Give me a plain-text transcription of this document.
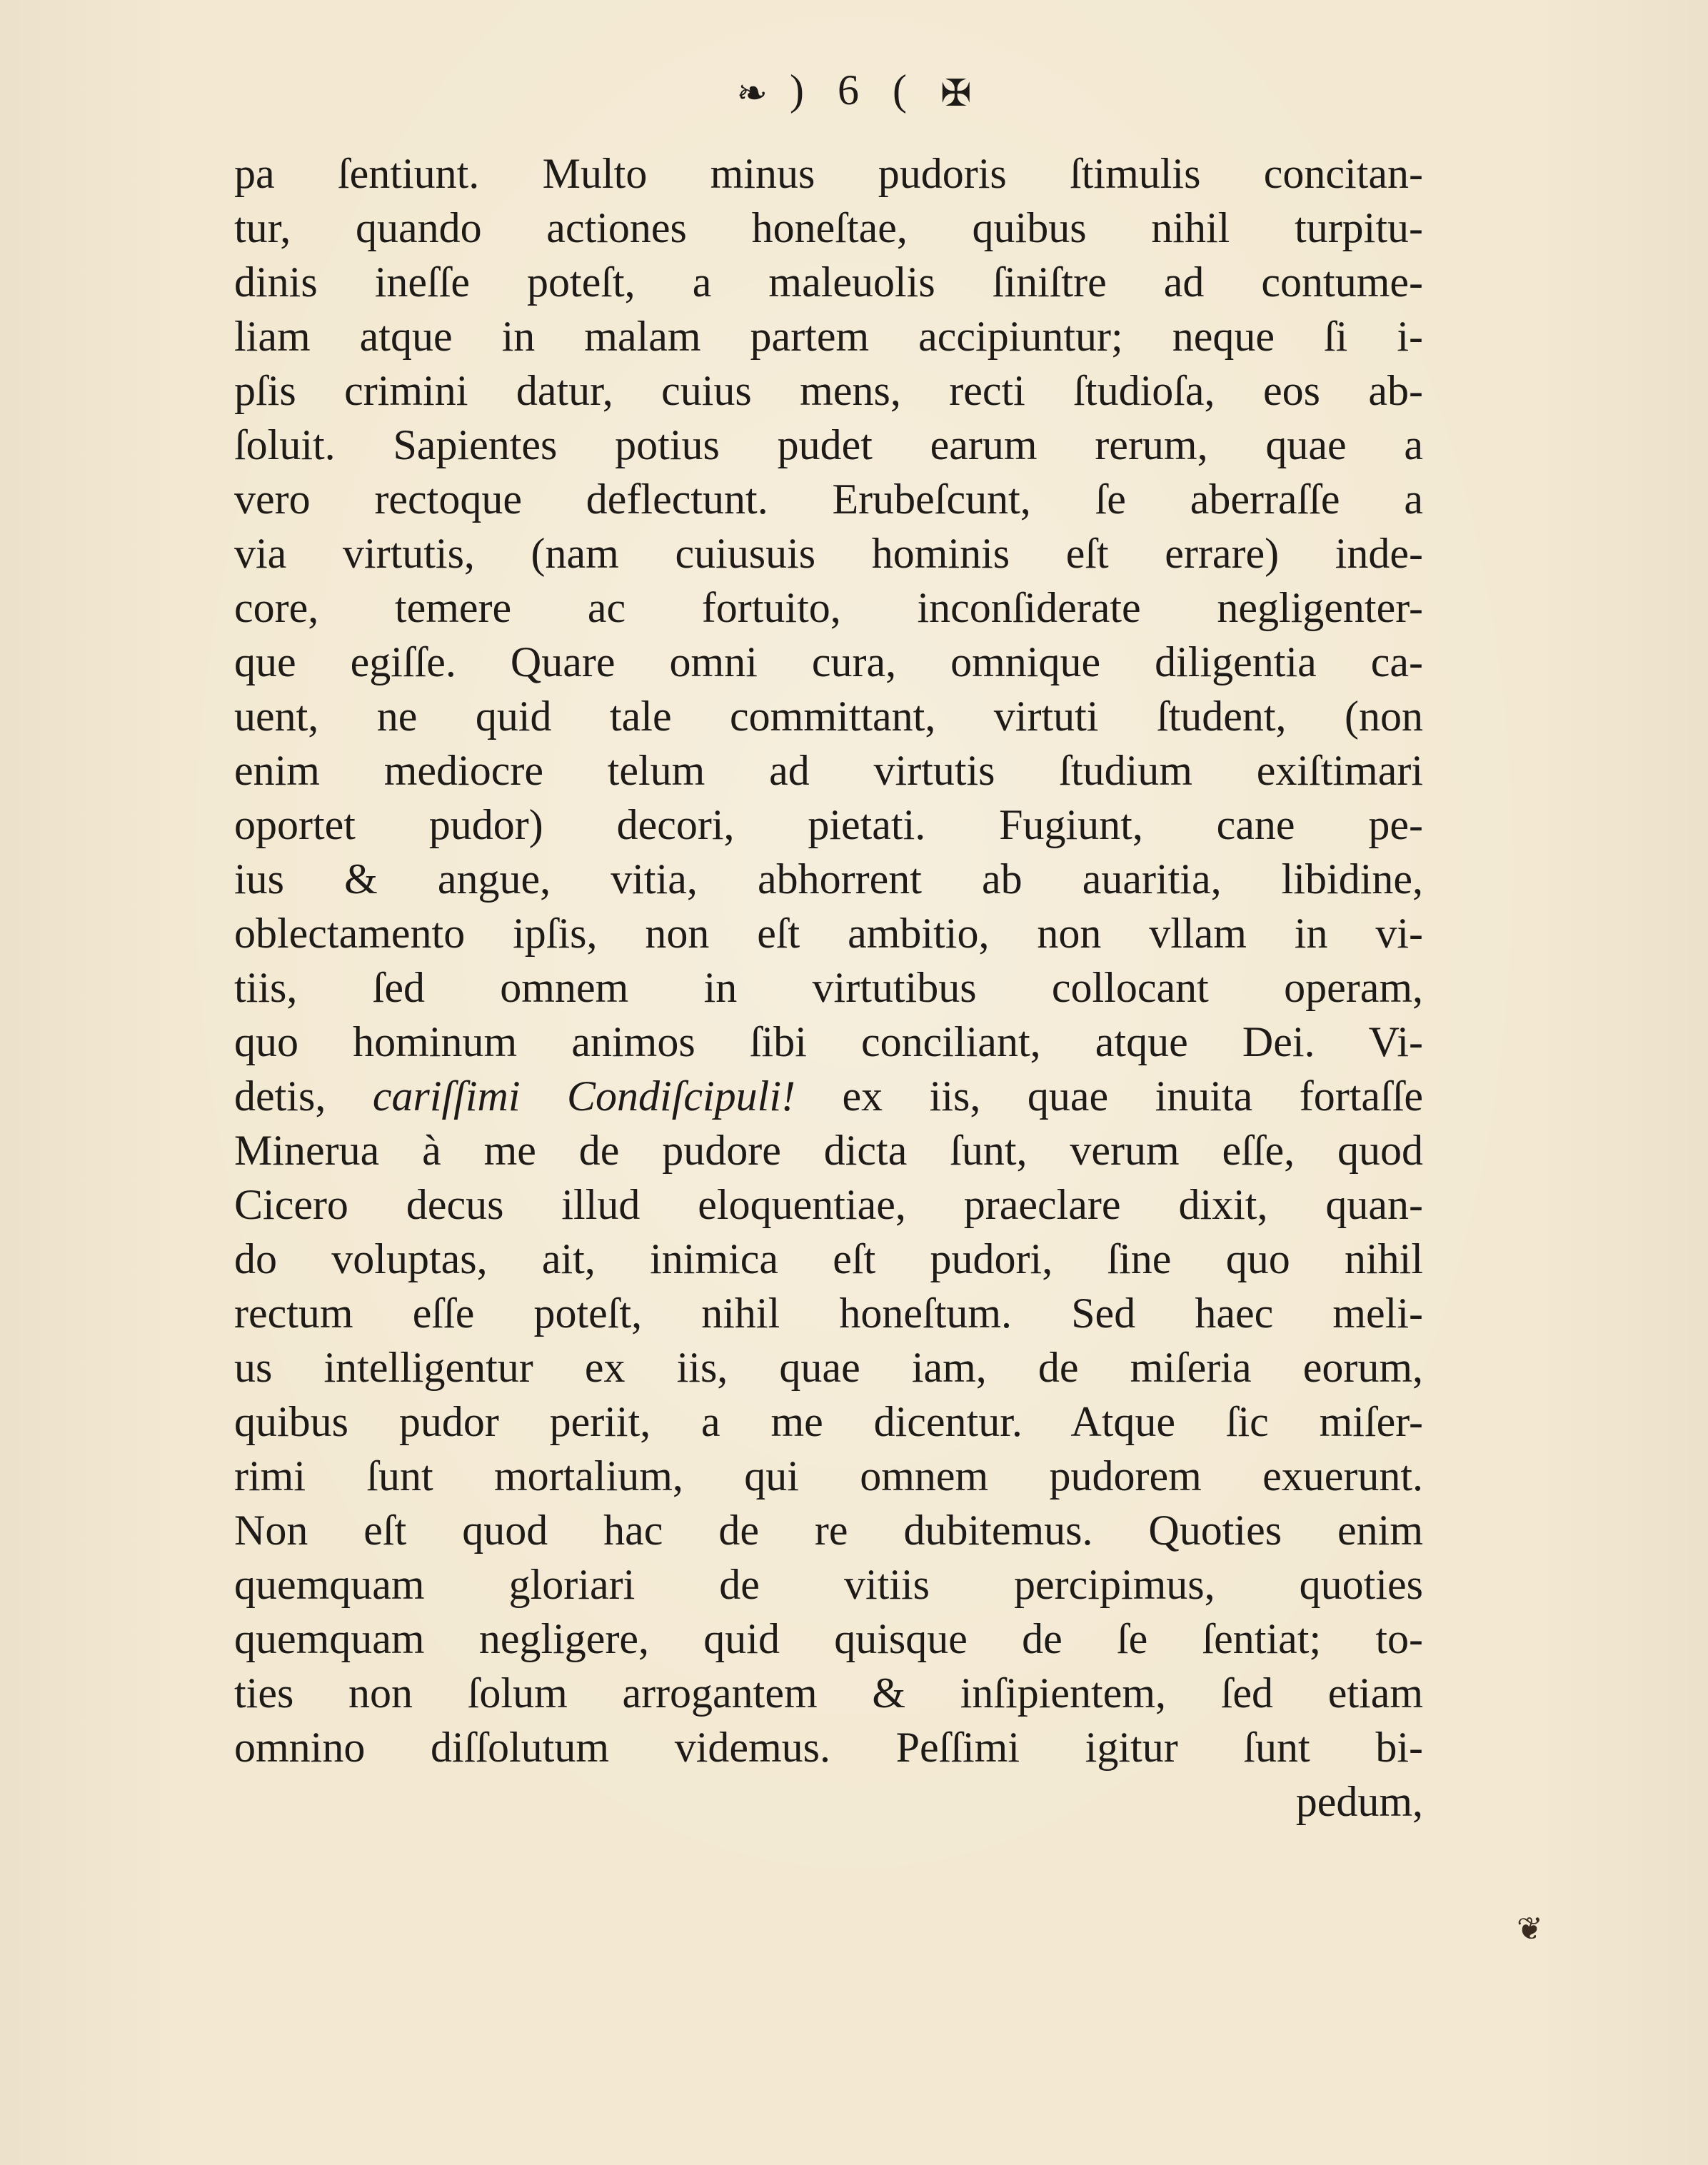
❧ ) 6 ( ✠
pa ſentiunt. Multo minus pudoris ſtimulis concitan-
tur, quando actiones honeſtae, quibus nihil turpitu-
dinis ineſſe poteſt, a maleuolis ſiniſtre ad contume-
liam atque in malam partem accipiuntur; neque ſi i-
pſis crimini datur, cuius mens, recti ſtudioſa, eos ab-
ſoluit. Sapientes potius pudet earum rerum, quae a
vero rectoque deflectunt. Erubeſcunt, ſe aberraſſe a
via virtutis, (nam cuiusuis hominis eſt errare) inde-
core, temere ac fortuito, inconſiderate negligenter-
que egiſſe. Quare omni cura, omnique diligentia ca-
uent, ne quid tale committant, virtuti ſtudent, (non
enim mediocre telum ad virtutis ſtudium exiſtimari
oportet pudor) decori, pietati. Fugiunt, cane pe-
ius & angue, vitia, abhorrent ab auaritia, libidine,
oblectamento ipſis, non eſt ambitio, non vllam in vi-
tiis, ſed omnem in virtutibus collocant operam,
quo hominum animos ſibi conciliant, atque Dei. Vi-
detis, cariſſimi Condiſcipuli! ex iis, quae inuita fortaſſe
Minerua à me de pudore dicta ſunt, verum eſſe, quod
Cicero decus illud eloquentiae, praeclare dixit, quan-
do voluptas, ait, inimica eſt pudori, ſine quo nihil
rectum eſſe poteſt, nihil honeſtum. Sed haec meli-
us intelligentur ex iis, quae iam, de miſeria eorum,
quibus pudor periit, a me dicentur. Atque ſic miſer-
rimi ſunt mortalium, qui omnem pudorem exuerunt.
Non eſt quod hac de re dubitemus. Quoties enim
quemquam gloriari de vitiis percipimus, quoties
quemquam negligere, quid quisque de ſe ſentiat; to-
ties non ſolum arrogantem & inſipientem, ſed etiam
omnino diſſolutum videmus. Peſſimi igitur ſunt bi-
pedum,
❦
